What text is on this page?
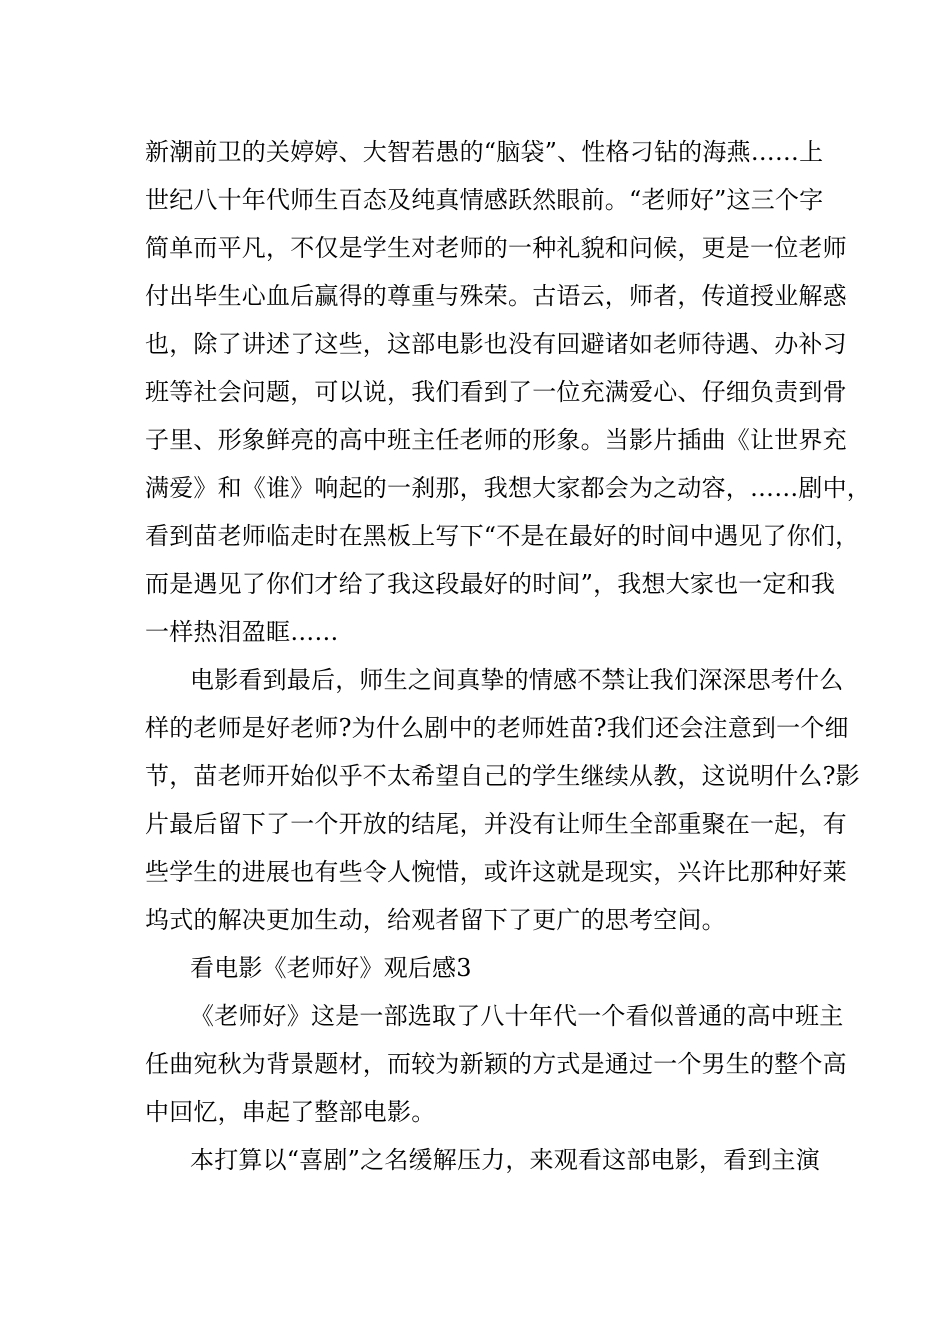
新潮前卫的关婷婷、大智若愚的“脑袋”、性格刁钻的海燕……上
世纪八十年代师生百态及纯真情感跃然眼前。“老师好”这三个字
简单而平凡，不仅是学生对老师的一种礼貌和问候，更是一位老师
付出毕生心血后赢得的尊重与殊荣。古语云，师者，传道授业解惑
也，除了讲述了这些，这部电影也没有回避诸如老师待遇、办补习
班等社会问题，可以说，我们看到了一位充满爱心、仔细负责到骨
子里、形象鲜亮的高中班主任老师的形象。当影片插曲《让世界充
满爱》和《谁》响起的一刹那，我想大家都会为之动容，……剧中，
看到苗老师临走时在黑板上写下“不是在最好的时间中遇见了你们，
而是遇见了你们才给了我这段最好的时间”，我想大家也一定和我
一样热泪盈眶……
电影看到最后，师生之间真挚的情感不禁让我们深深思考什么
样的老师是好老师?为什么剧中的老师姓苗?我们还会注意到一个细
节，苗老师开始似乎不太希望自己的学生继续从教，这说明什么?影
片最后留下了一个开放的结尾，并没有让师生全部重聚在一起，有
些学生的进展也有些令人惋惜，或许这就是现实，兴许比那种好莱
坞式的解决更加生动，给观者留下了更广的思考空间。
看电影《老师好》观后感3
《老师好》这是一部选取了八十年代一个看似普通的高中班主
任曲宛秋为背景题材，而较为新颖的方式是通过一个男生的整个高
中回忆，串起了整部电影。
本打算以“喜剧”之名缓解压力，来观看这部电影，看到主演
